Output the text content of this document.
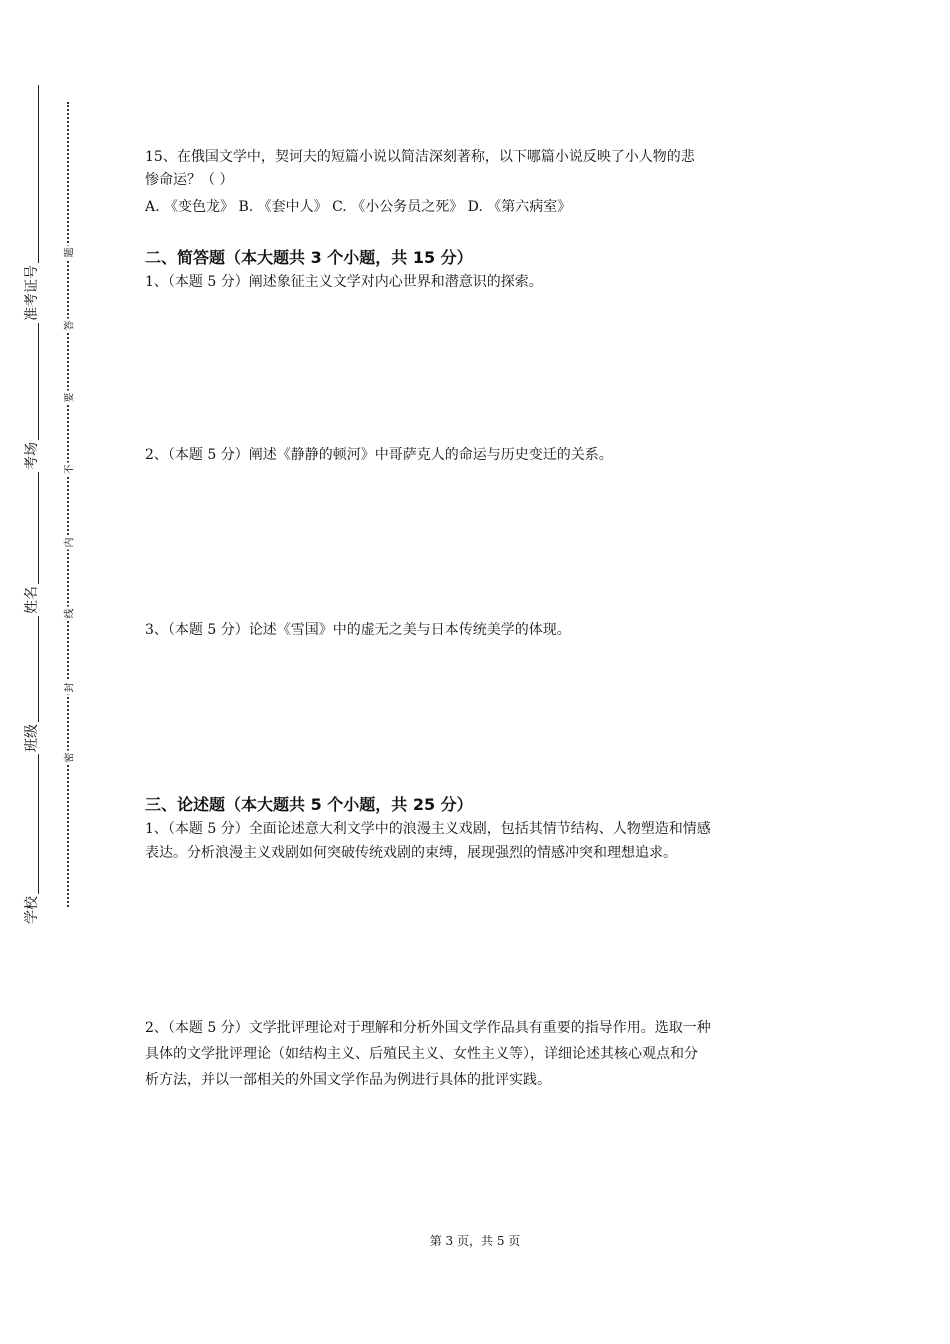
准考证号
考场
姓名
班级
学校
题
答
要
不
内
线
封
密
15、在俄国文学中，契诃夫的短篇小说以简洁深刻著称，以下哪篇小说反映了小人物的悲
惨命运？（ ）
A. 《变色龙》 B. 《套中人》 C. 《小公务员之死》 D. 《第六病室》
二、简答题（本大题共 3 个小题，共 15 分）
1、（本题 5 分）阐述象征主义文学对内心世界和潜意识的探索。
2、（本题 5 分）阐述《静静的顿河》中哥萨克人的命运与历史变迁的关系。
3、（本题 5 分）论述《雪国》中的虚无之美与日本传统美学的体现。
三、论述题（本大题共 5 个小题，共 25 分）
1、（本题 5 分）全面论述意大利文学中的浪漫主义戏剧，包括其情节结构、人物塑造和情感
表达。分析浪漫主义戏剧如何突破传统戏剧的束缚，展现强烈的情感冲突和理想追求。
2、（本题 5 分）文学批评理论对于理解和分析外国文学作品具有重要的指导作用。选取一种
具体的文学批评理论（如结构主义、后殖民主义、女性主义等），详细论述其核心观点和分
析方法，并以一部相关的外国文学作品为例进行具体的批评实践。
第 3 页，共 5 页
